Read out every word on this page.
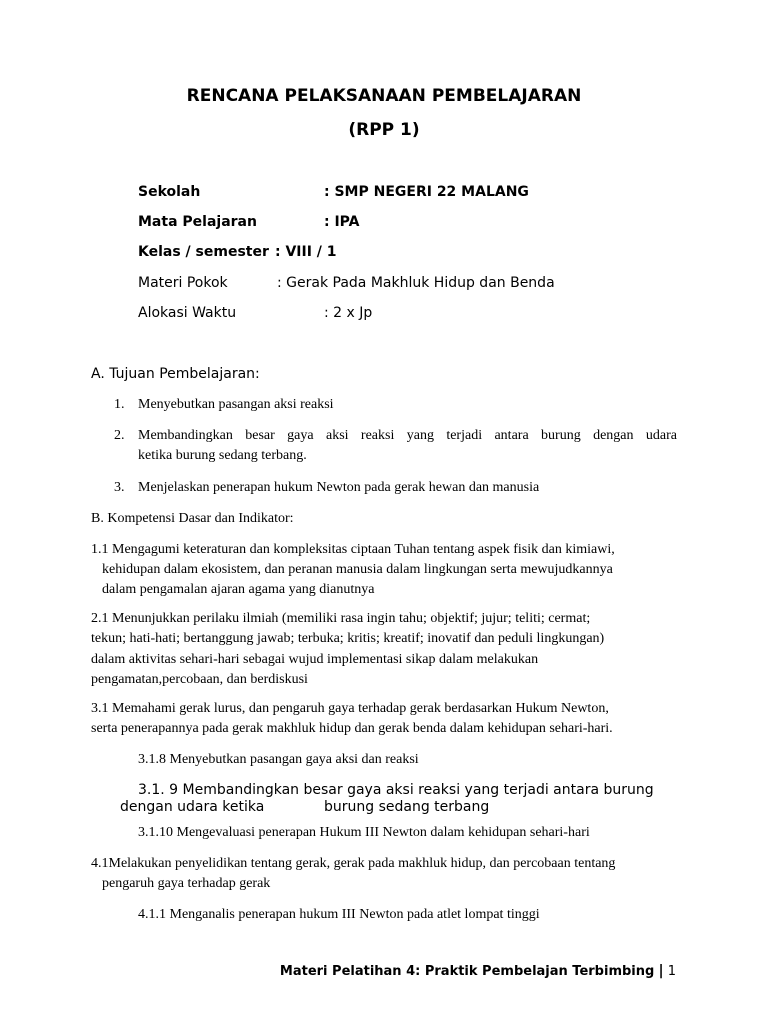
RENCANA PELAKSANAAN PEMBELAJARAN
(RPP 1)
Sekolah	: SMP NEGERI 22 MALANG
Mata Pelajaran	: IPA
Kelas / semester : VIII / 1
Materi Pokok	: Gerak Pada Makhluk Hidup dan Benda
Alokasi Waktu	: 2 x Jp
A. Tujuan Pembelajaran:
1. Menyebutkan pasangan aksi reaksi
2. Membandingkan besar gaya aksi reaksi yang terjadi antara burung dengan udara
ketika burung sedang terbang.
3. Menjelaskan penerapan hukum Newton pada gerak hewan dan manusia
B. Kompetensi Dasar dan Indikator:
1.1 Mengagumi keteraturan dan kompleksitas ciptaan Tuhan tentang aspek fisik dan kimiawi,
kehidupan dalam ekosistem, dan peranan manusia dalam lingkungan serta mewujudkannya
dalam pengamalan ajaran agama yang dianutnya
2.1 Menunjukkan perilaku ilmiah (memiliki rasa ingin tahu; objektif; jujur; teliti; cermat;
tekun; hati-hati; bertanggung jawab; terbuka; kritis; kreatif; inovatif dan peduli lingkungan)
dalam aktivitas sehari-hari sebagai wujud implementasi sikap dalam melakukan
pengamatan,percobaan, dan berdiskusi
3.1 Memahami gerak lurus, dan pengaruh gaya terhadap gerak berdasarkan Hukum Newton,
serta penerapannya pada gerak makhluk hidup dan gerak benda dalam kehidupan sehari-hari.
3.1.8 Menyebutkan pasangan gaya aksi dan reaksi
3.1. 9 Membandingkan besar gaya aksi reaksi yang terjadi antara burung
dengan udara ketika	burung sedang terbang
3.1.10 Mengevaluasi penerapan Hukum III Newton dalam kehidupan sehari-hari
4.1Melakukan penyelidikan tentang gerak, gerak pada makhluk hidup, dan percobaan tentang
pengaruh gaya terhadap gerak
4.1.1 Menganalis penerapan hukum III Newton pada atlet lompat tinggi
Materi Pelatihan 4: Praktik Pembelajan Terbimbing | 1
